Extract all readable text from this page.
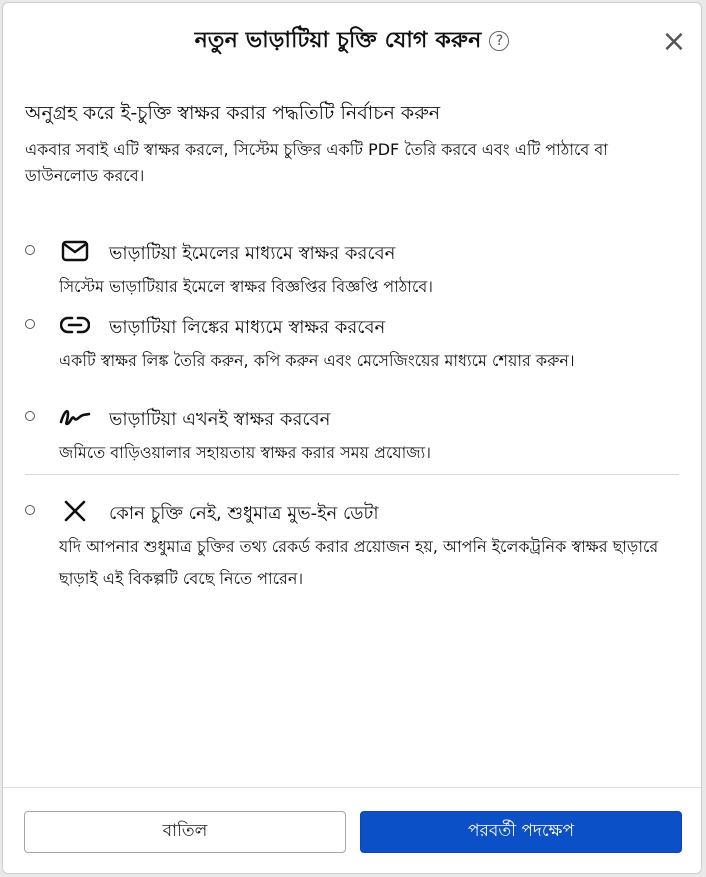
নতুন ভাড়াটিয়া চুক্তি যোগ করুন	?	×
অনুগ্রহ করে ই-চুক্তি স্বাক্ষর করার পদ্ধতিটি নির্বাচন করুন
একবার সবাই এটি স্বাক্ষর করলে, সিস্টেম চুক্তির একটি PDF তৈরি করবে এবং এটি পাঠাবে বা ডাউনলোড করবে।
ভাড়াটিয়া ইমেলের মাধ্যমে স্বাক্ষর করবেন
সিস্টেম ভাড়াটিয়ার ইমেলে স্বাক্ষর বিজ্ঞপ্তির বিজ্ঞপ্তি পাঠাবে।
ভাড়াটিয়া লিঙ্কের মাধ্যমে স্বাক্ষর করবেন
একটি স্বাক্ষর লিঙ্ক তৈরি করুন, কপি করুন এবং মেসেজিংয়ের মাধ্যমে শেয়ার করুন।
ভাড়াটিয়া এখনই স্বাক্ষর করবেন
জমিতে বাড়িওয়ালার সহায়তায় স্বাক্ষর করার সময় প্রযোজ্য।
কোন চুক্তি নেই, শুধুমাত্র মুভ-ইন ডেটা
যদি আপনার শুধুমাত্র চুক্তির তথ্য রেকর্ড করার প্রয়োজন হয়, আপনি ইলেকট্রনিক স্বাক্ষর ছাড়ারে ছাড়াই এই বিকল্পটি বেছে নিতে পারেন।
বাতিল	পরবর্তী পদক্ষেপ
